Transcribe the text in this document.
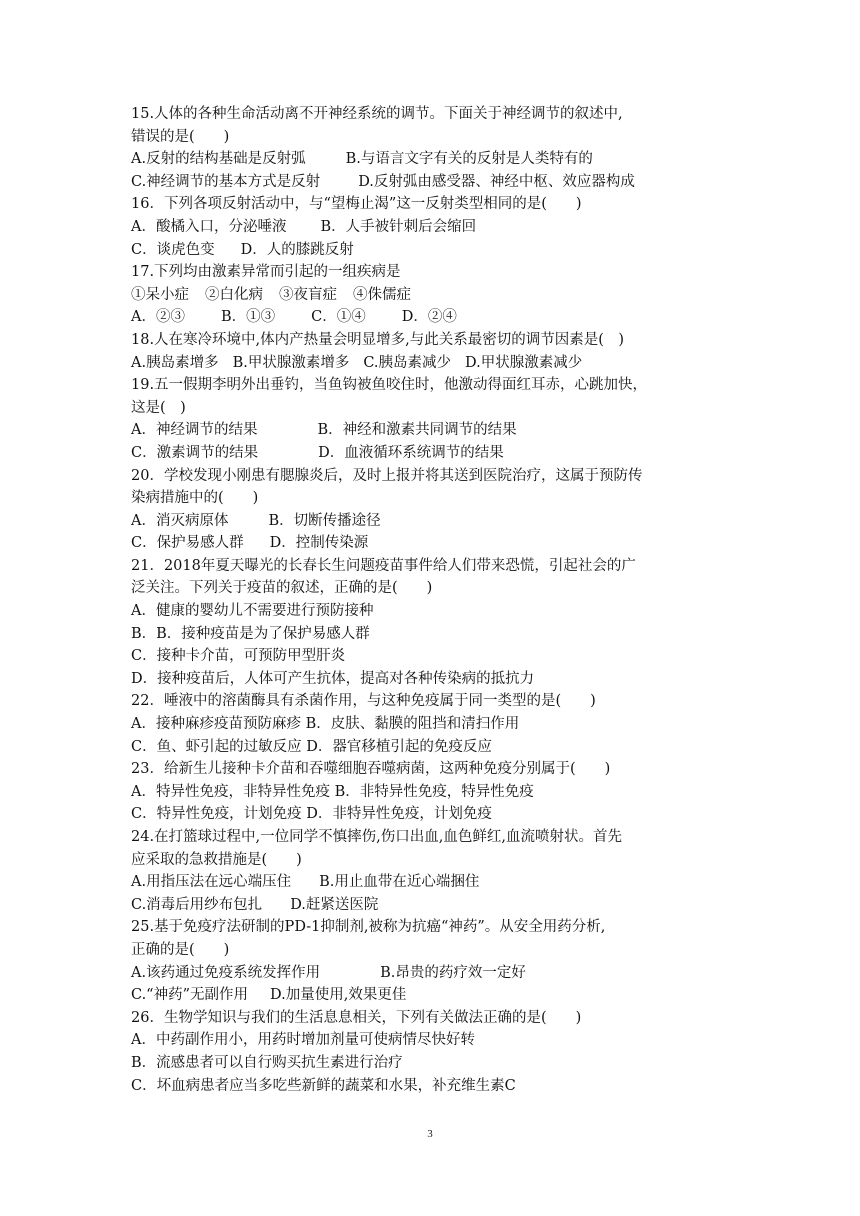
15.人体的各种生命活动离不开神经系统的调节。下面关于神经调节的叙述中,
错误的是(　　)
A.反射的结构基础是反射弧	B.与语言文字有关的反射是人类特有的
C.神经调节的基本方式是反射	D.反射弧由感受器、神经中枢、效应器构成
16．下列各项反射活动中，与“望梅止渴”这一反射类型相同的是(　　)
A．酸橘入口，分泌唾液 B．人手被针刺后会缩回
C．谈虎色变 D．人的膝跳反射
17.下列均由激素异常而引起的一组疾病是
①呆小症 ②白化病 ③夜盲症 ④侏儒症
A．②③ B．①③ C．①④ D．②④
18.人在寒冷环境中,体内产热量会明显增多,与此关系最密切的调节因素是(　)
A.胰岛素增多 B.甲状腺激素增多 C.胰岛素减少 D.甲状腺激素减少
19.五一假期李明外出垂钓，当鱼钩被鱼咬住时，他激动得面红耳赤，心跳加快，
这是(　)
A．神经调节的结果	B．神经和激素共同调节的结果
C．激素调节的结果	D．血液循环系统调节的结果
20．学校发现小刚患有腮腺炎后，及时上报并将其送到医院治疗，这属于预防传
染病措施中的(　　)
A．消灭病原体	B．切断传播途径
C．保护易感人群 D．控制传染源
21．2018年夏天曝光的长春长生问题疫苗事件给人们带来恐慌，引起社会的广
泛关注。下列关于疫苗的叙述，正确的是(　　)
A．健康的婴幼儿不需要进行预防接种
B．B．接种疫苗是为了保护易感人群
C．接种卡介苗，可预防甲型肝炎
D．接种疫苗后，人体可产生抗体，提高对各种传染病的抵抗力
22．唾液中的溶菌酶具有杀菌作用，与这种免疫属于同一类型的是(　　)
A．接种麻疹疫苗预防麻疹 B．皮肤、黏膜的阻挡和清扫作用
C．鱼、虾引起的过敏反应 D．器官移植引起的免疫反应
23．给新生儿接种卡介苗和吞噬细胞吞噬病菌，这两种免疫分别属于(　　)
A．特异性免疫，非特异性免疫 B．非特异性免疫，特异性免疫
C．特异性免疫，计划免疫 D．非特异性免疫，计划免疫
24.在打篮球过程中,一位同学不慎摔伤,伤口出血,血色鲜红,血流喷射状。首先
应采取的急救措施是(　　)
A.用指压法在远心端压住 B.用止血带在近心端捆住
C.消毒后用纱布包扎 D.赶紧送医院
25.基于免疫疗法研制的PD-1抑制剂,被称为抗癌“神药”。从安全用药分析,
正确的是(　　)
A.该药通过免疫系统发挥作用	B.昂贵的药疗效一定好
C.“神药”无副作用 D.加量使用,效果更佳
26．生物学知识与我们的生活息息相关，下列有关做法正确的是(　　)
A．中药副作用小，用药时增加剂量可使病情尽快好转
B．流感患者可以自行购买抗生素进行治疗
C．坏血病患者应当多吃些新鲜的蔬菜和水果，补充维生素C
3
